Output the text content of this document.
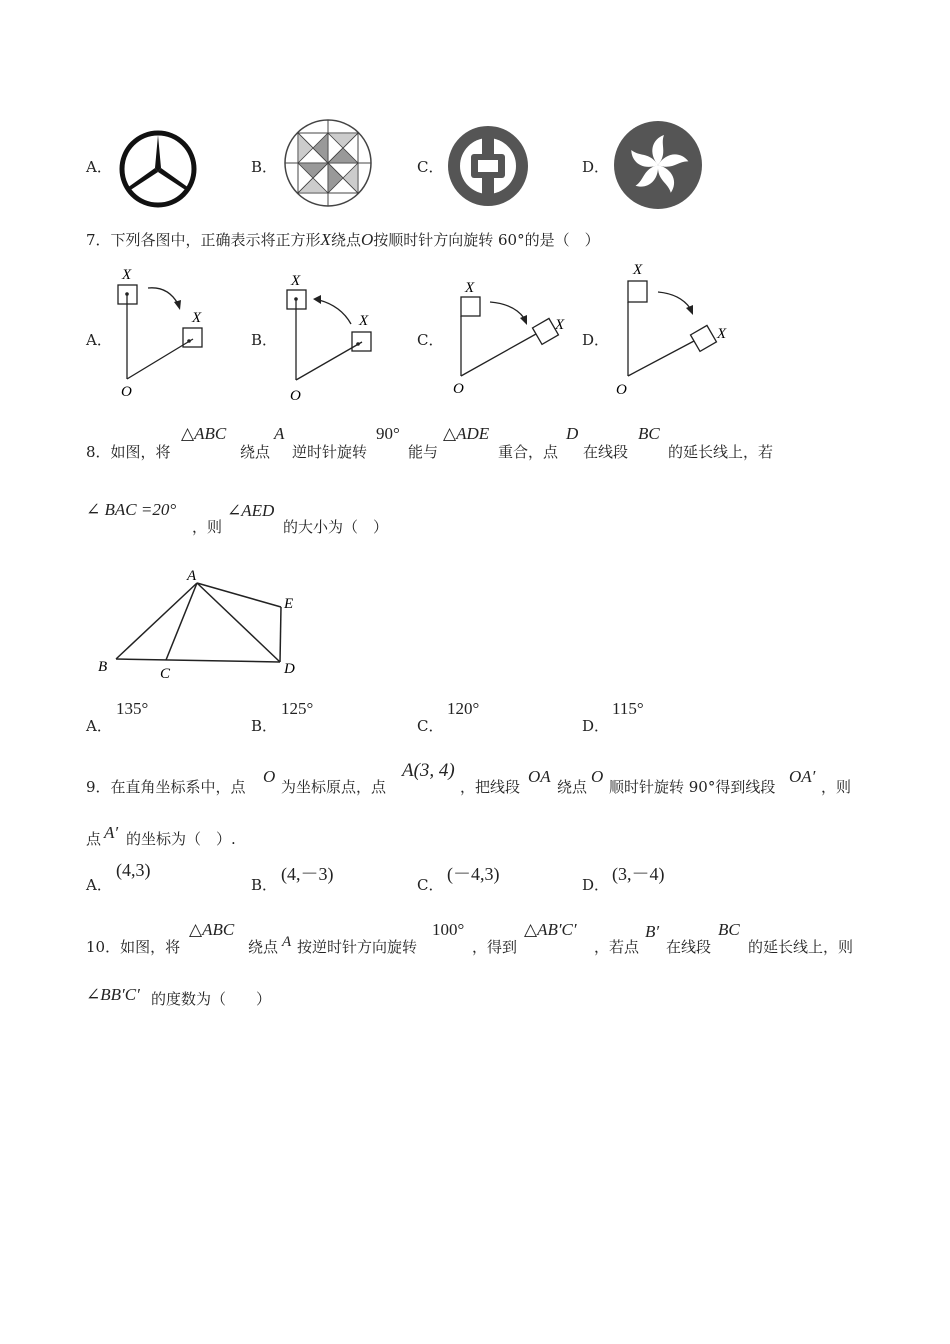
A．	B．	C．	D．
7．下列各图中，正确表示将正方形X绕点O按顺时针方向旋转 60°的是（　）
A．
X
X
O
B．
X
X
O
C．
X
X
O
D．
X
X
O
8．如图，将
△ABC
绕点
A
逆时针旋转
90°
能与
△ADE
重合，点
D
在线段
BC
的延长线上，若
∠ BAC =20°
，则
∠AED
的大小为（　）
A
B	C	D
E
A．
135°
B．
125°
C．
120°
D．
115°
9．在直角坐标系中，点
O
为坐标原点，点
A(3, 4)
，把线段
OA
绕点
O
顺时针旋转 90°得到线段
OA′
，则
点 A′ 的坐标为（　）.
A．
(4,3)
B．
(4,－3)
C．
(－4,3)
D．
(3,－4)
10．如图，将
△ABC
绕点 A 按逆时针方向旋转
100°
，得到
△AB′C′
，若点
B′
在线段
BC
的延长线上，则
∠BB′C′ 的度数为（　　）
